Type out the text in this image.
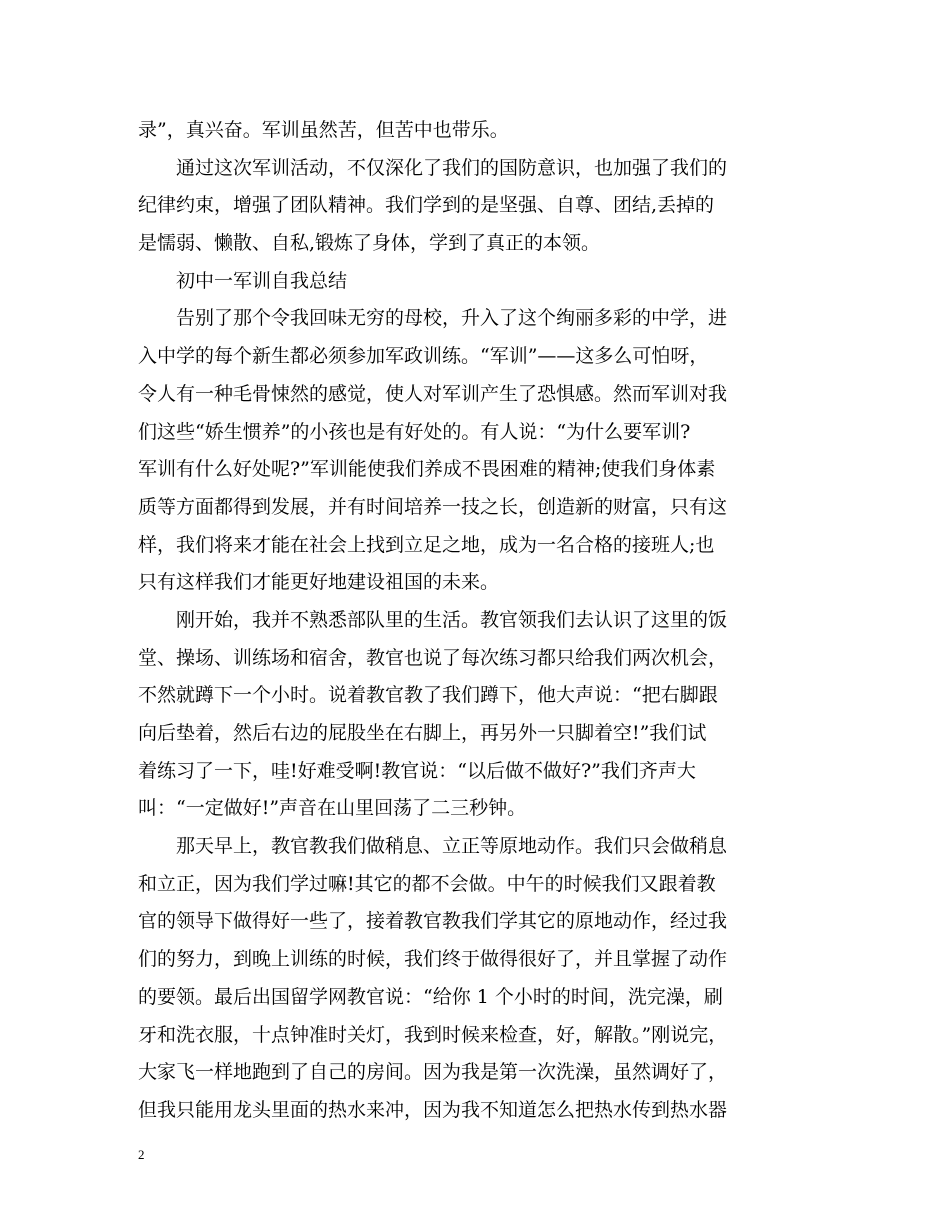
录”，真兴奋。军训虽然苦，但苦中也带乐。
　　通过这次军训活动，不仅深化了我们的国防意识，也加强了我们的
纪律约束，增强了团队精神。我们学到的是坚强、自尊、团结,丢掉的
是懦弱、懒散、自私,锻炼了身体，学到了真正的本领。
　　初中一军训自我总结
　　告别了那个令我回味无穷的母校，升入了这个绚丽多彩的中学，进
入中学的每个新生都必须参加军政训练。“军训”——这多么可怕呀，
令人有一种毛骨悚然的感觉，使人对军训产生了恐惧感。然而军训对我
们这些“娇生惯养”的小孩也是有好处的。有人说：“为什么要军训?
军训有什么好处呢?”军训能使我们养成不畏困难的精神;使我们身体素
质等方面都得到发展，并有时间培养一技之长，创造新的财富，只有这
样，我们将来才能在社会上找到立足之地，成为一名合格的接班人;也
只有这样我们才能更好地建设祖国的未来。
　　刚开始，我并不熟悉部队里的生活。教官领我们去认识了这里的饭
堂、操场、训练场和宿舍，教官也说了每次练习都只给我们两次机会，
不然就蹲下一个小时。说着教官教了我们蹲下，他大声说：“把右脚跟
向后垫着，然后右边的屁股坐在右脚上，再另外一只脚着空!”我们试
着练习了一下，哇!好难受啊!教官说：“以后做不做好?”我们齐声大
叫：“一定做好!”声音在山里回荡了二三秒钟。
　　那天早上，教官教我们做稍息、立正等原地动作。我们只会做稍息
和立正，因为我们学过嘛!其它的都不会做。中午的时候我们又跟着教
官的领导下做得好一些了，接着教官教我们学其它的原地动作，经过我
们的努力，到晚上训练的时候，我们终于做得很好了，并且掌握了动作
的要领。最后出国留学网教官说：“给你 1 个小时的时间，洗完澡，刷
牙和洗衣服，十点钟准时关灯，我到时候来检查，好，解散。”刚说完，
大家飞一样地跑到了自己的房间。因为我是第一次洗澡，虽然调好了，
但我只能用龙头里面的热水来冲，因为我不知道怎么把热水传到热水器
2
